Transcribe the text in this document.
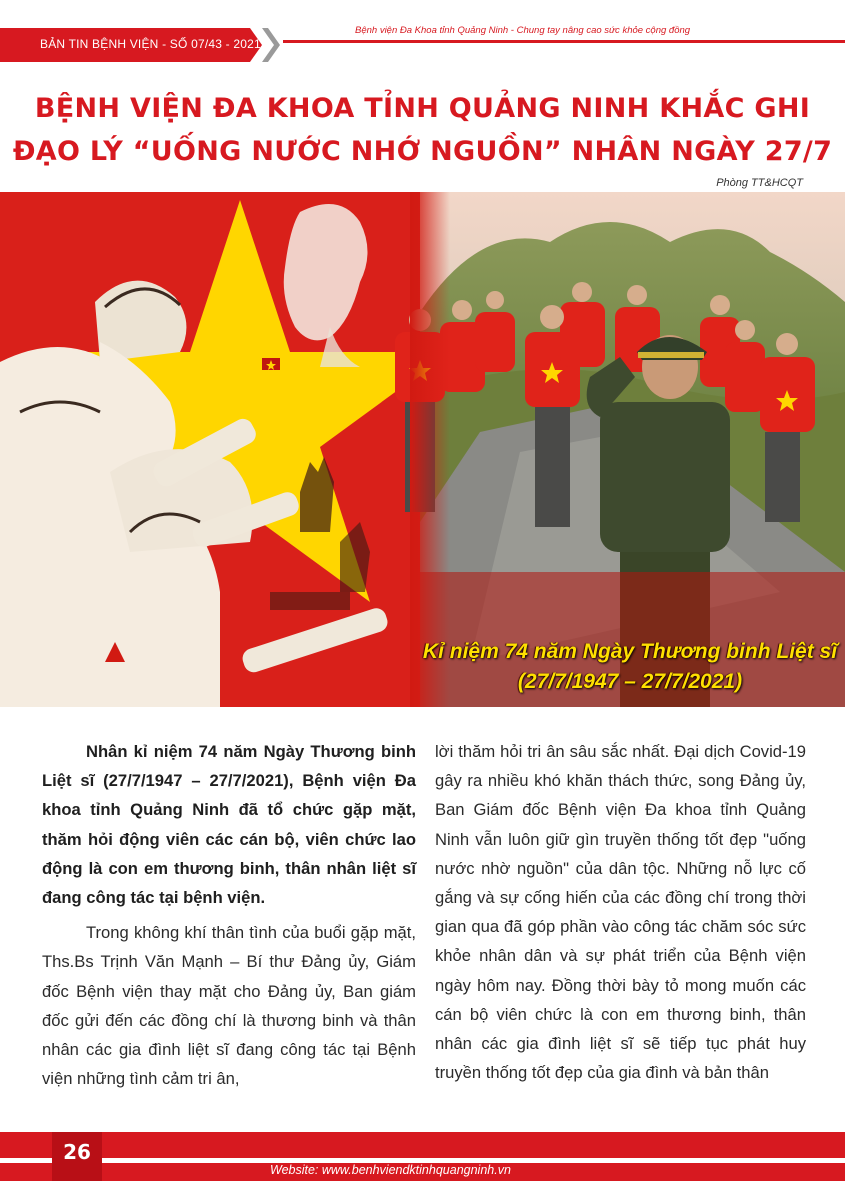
BẢN TIN BỆNH VIỆN - SỐ 07/43 - 2021
Bệnh viện Đa Khoa tỉnh Quảng Ninh - Chung tay nâng cao sức khỏe cộng đồng
BỆNH VIỆN ĐA KHOA TỈNH QUẢNG NINH KHẮC GHI
ĐẠO LÝ “UỐNG NƯỚC NHỚ NGUỒN” NHÂN NGÀY 27/7
Phòng TT&HCQT
Kỉ niệm 74 năm Ngày Thương binh Liệt sĩ
(27/7/1947 – 27/7/2021)

Nhân kỉ niệm 74 năm Ngày Thương binh Liệt sĩ (27/7/1947 – 27/7/2021), Bệnh viện Đa khoa tỉnh Quảng Ninh đã tổ chức gặp mặt, thăm hỏi động viên các cán bộ, viên chức lao động là con em thương binh, thân nhân liệt sĩ đang công tác tại bệnh viện.

Trong không khí thân tình của buổi gặp mặt, Ths.Bs Trịnh Văn Mạnh – Bí thư Đảng ủy, Giám đốc Bệnh viện thay mặt cho Đảng ủy, Ban giám đốc gửi đến các đồng chí là thương binh và thân nhân các gia đình liệt sĩ đang công tác tại Bệnh viện những tình cảm tri ân,

lời thăm hỏi tri ân sâu sắc nhất. Đại dịch Covid-19 gây ra nhiều khó khăn thách thức, song Đảng ủy, Ban Giám đốc Bệnh viện Đa khoa tỉnh Quảng Ninh vẫn luôn giữ gìn truyền thống tốt đẹp "uống nước nhờ nguồn" của dân tộc. Những nỗ lực cố gắng và sự cống hiến của các đồng chí trong thời gian qua đã góp phần vào công tác chăm sóc sức khỏe nhân dân và sự phát triển của Bệnh viện ngày hôm nay. Đồng thời bày tỏ mong muốn các cán bộ viên chức là con em thương binh, thân nhân các gia đình liệt sĩ sẽ tiếp tục phát huy truyền thống tốt đẹp của gia đình và bản thân

26
Website: www.benhviendktinhquangninh.vn
